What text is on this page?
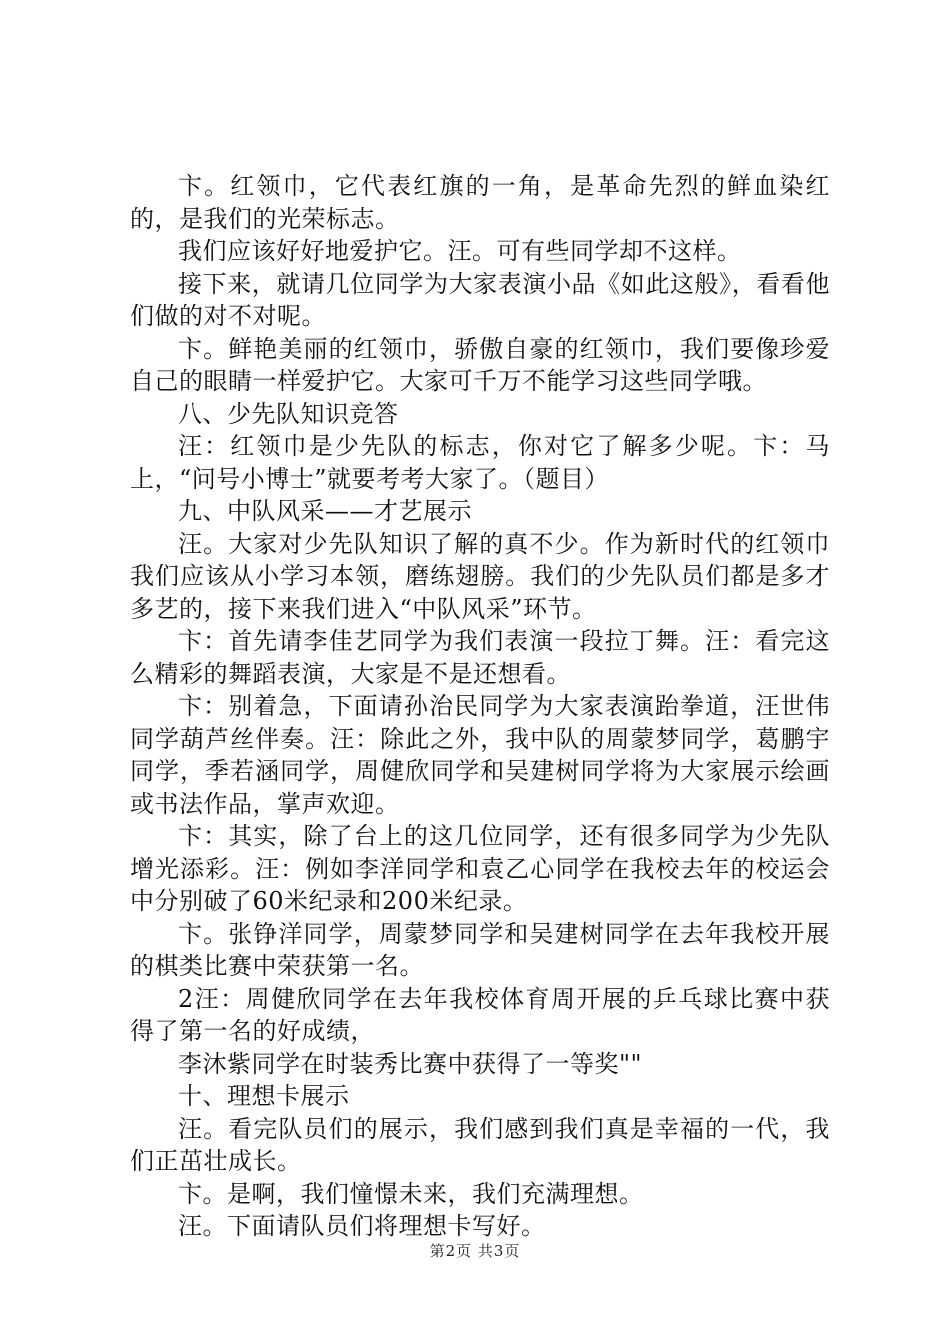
卞。红领巾，它代表红旗的一角，是革命先烈的鲜血染红的，是我们的光荣标志。

我们应该好好地爱护它。汪。可有些同学却不这样。

接下来，就请几位同学为大家表演小品《如此这般》，看看他们做的对不对呢。

卞。鲜艳美丽的红领巾，骄傲自豪的红领巾，我们要像珍爱自己的眼睛一样爱护它。大家可千万不能学习这些同学哦。

八、少先队知识竞答

汪：红领巾是少先队的标志，你对它了解多少呢。卞：马上，“问号小博士”就要考考大家了。（题目）

九、中队风采——才艺展示

汪。大家对少先队知识了解的真不少。作为新时代的红领巾我们应该从小学习本领，磨练翅膀。我们的少先队员们都是多才多艺的，接下来我们进入“中队风采”环节。

卞：首先请李佳艺同学为我们表演一段拉丁舞。汪：看完这么精彩的舞蹈表演，大家是不是还想看。

卞：别着急，下面请孙治民同学为大家表演跆拳道，汪世伟同学葫芦丝伴奏。汪：除此之外，我中队的周蒙梦同学，葛鹏宇同学，季若涵同学，周健欣同学和吴建树同学将为大家展示绘画或书法作品，掌声欢迎。

卞：其实，除了台上的这几位同学，还有很多同学为少先队增光添彩。汪：例如李洋同学和袁乙心同学在我校去年的校运会中分别破了60米纪录和200米纪录。

卞。张铮洋同学，周蒙梦同学和吴建树同学在去年我校开展的棋类比赛中荣获第一名。

2汪：周健欣同学在去年我校体育周开展的乒乓球比赛中获得了第一名的好成绩，

李沐紫同学在时装秀比赛中获得了一等奖""

十、理想卡展示

汪。看完队员们的展示，我们感到我们真是幸福的一代，我们正茁壮成长。

卞。是啊，我们憧憬未来，我们充满理想。

汪。下面请队员们将理想卡写好。

第2页 共3页
